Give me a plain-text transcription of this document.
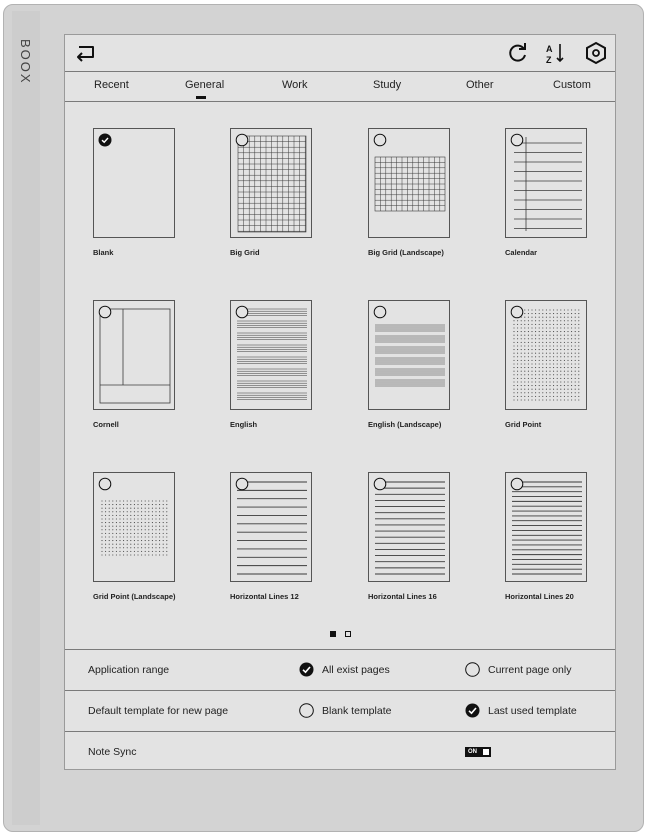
BOOX	A
Z
Recent	General	Work	Study	Other	Custom
Blank	Big Grid	Big Grid (Landscape)	Calendar
Cornell	English	English (Landscape)	Grid Point
Grid Point (Landscape)	Horizontal Lines 12	Horizontal Lines 16	Horizontal Lines 20
Application range	All exist pages	Current page only
Default template for new page	Blank template	Last used template
Note Sync	ON
